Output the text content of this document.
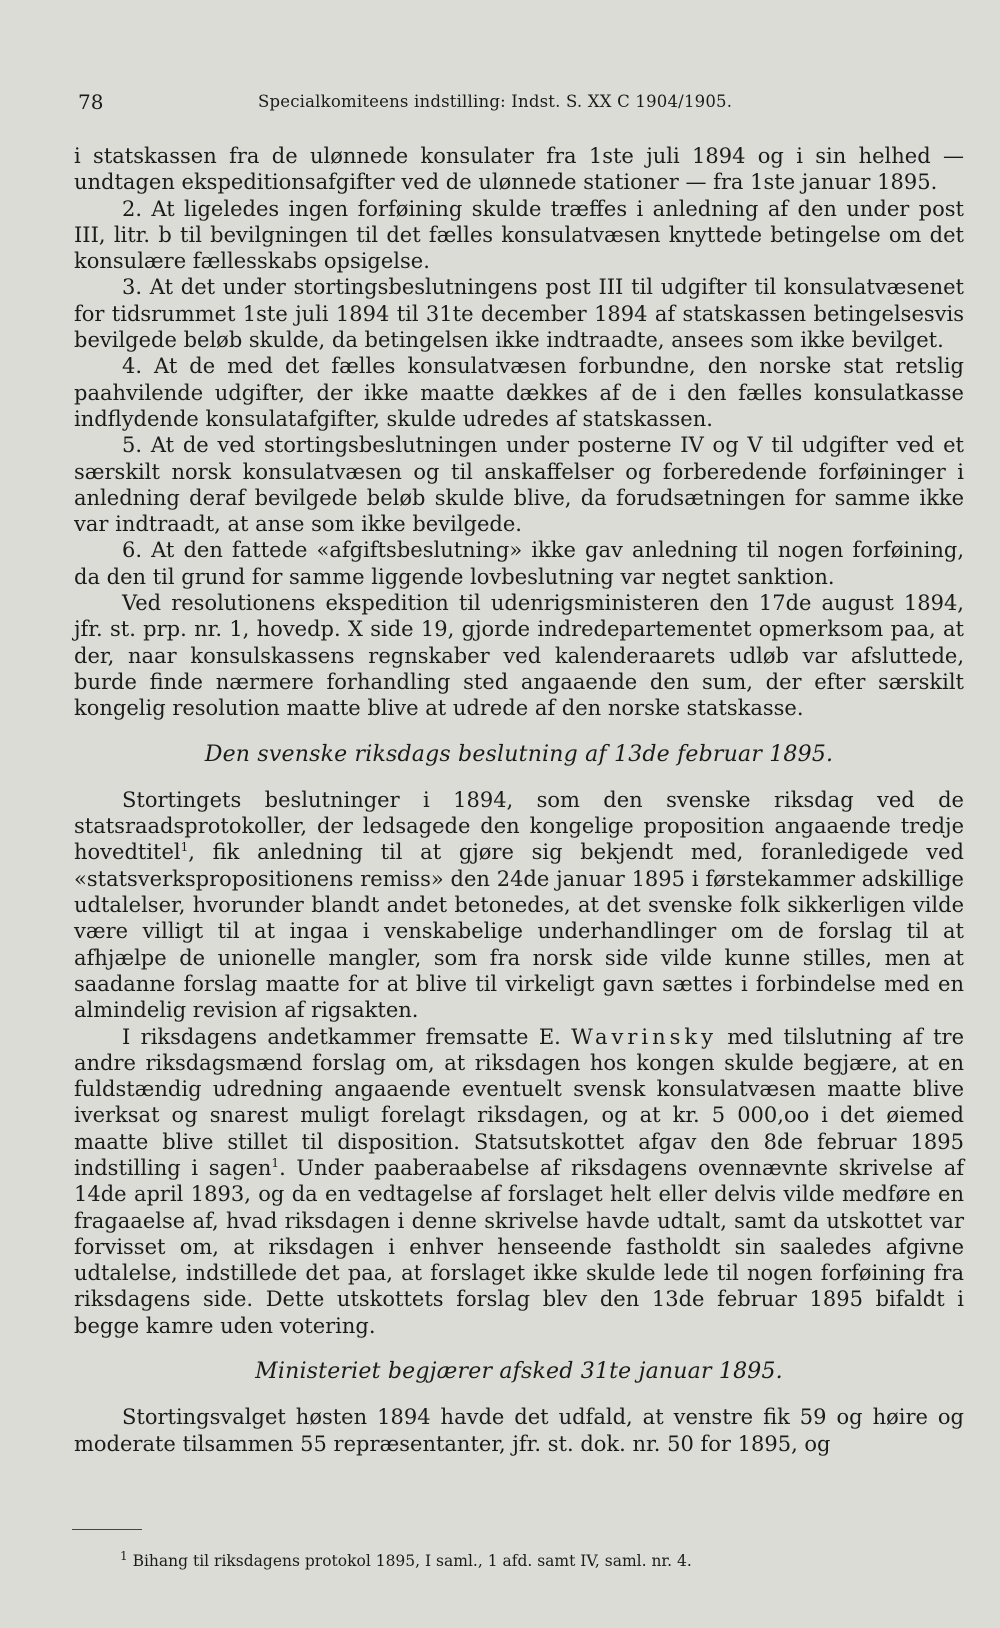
78	Specialkomiteens indstilling: Indst. S. XX C 1904/1905.

i statskassen fra de ulønnede konsulater fra 1ste juli 1894 og i sin helhed — undtagen ekspeditionsafgifter ved de ulønnede stationer — fra 1ste januar 1895.

2. At ligeledes ingen forføining skulde træffes i anledning af den under post III, litr. b til bevilgningen til det fælles konsulatvæsen knyttede betingelse om det konsulære fællesskabs opsigelse.

3. At det under stortingsbeslutningens post III til udgifter til konsulatvæsenet for tidsrummet 1ste juli 1894 til 31te december 1894 af statskassen betingelsesvis bevilgede beløb skulde, da betingelsen ikke indtraadte, ansees som ikke bevilget.

4. At de med det fælles konsulatvæsen forbundne, den norske stat retslig paahvilende udgifter, der ikke maatte dækkes af de i den fælles konsulatkasse indflydende konsulatafgifter, skulde udredes af statskassen.

5. At de ved stortingsbeslutningen under posterne IV og V til udgifter ved et særskilt norsk konsulatvæsen og til anskaffelser og forberedende forføininger i anledning deraf bevilgede beløb skulde blive, da forudsætningen for samme ikke var indtraadt, at anse som ikke bevilgede.

6. At den fattede «afgiftsbeslutning» ikke gav anledning til nogen forføining, da den til grund for samme liggende lovbeslutning var negtet sanktion.

Ved resolutionens ekspedition til udenrigsministeren den 17de august 1894, jfr. st. prp. nr. 1, hovedp. X side 19, gjorde indredepartementet opmerksom paa, at der, naar konsulskassens regnskaber ved kalenderaarets udløb var afsluttede, burde finde nærmere forhandling sted angaaende den sum, der efter særskilt kongelig resolution maatte blive at udrede af den norske statskasse.

Den svenske riksdags beslutning af 13de februar 1895.

Stortingets beslutninger i 1894, som den svenske riksdag ved de statsraadsprotokoller, der ledsagede den kongelige proposition angaaende tredje hovedtitel$^1$, fik anledning til at gjøre sig bekjendt med, foranledigede ved «statsverkspropositionens remiss» den 24de januar 1895 i førstekammer adskillige udtalelser, hvorunder blandt andet betonedes, at det svenske folk sikkerligen vilde være villigt til at ingaa i venskabelige underhandlinger om de forslag til at afhjælpe de unionelle mangler, som fra norsk side vilde kunne stilles, men at saadanne forslag maatte for at blive til virkeligt gavn sættes i forbindelse med en almindelig revision af rigsakten.

I riksdagens andetkammer fremsatte E. Wavrinsky med tilslutning af tre andre riksdagsmænd forslag om, at riksdagen hos kongen skulde begjære, at en fuldstændig udredning angaaende eventuelt svensk konsulatvæsen maatte blive iverksat og snarest muligt forelagt riksdagen, og at kr. 5 000,oo i det øiemed maatte blive stillet til disposition. Statsutskottet afgav den 8de februar 1895 indstilling i sagen$^1$. Under paaberaabelse af riksdagens ovennævnte skrivelse af 14de april 1893, og da en vedtagelse af forslaget helt eller delvis vilde medføre en fragaaelse af, hvad riksdagen i denne skrivelse havde udtalt, samt da utskottet var forvisset om, at riksdagen i enhver henseende fastholdt sin saaledes afgivne udtalelse, indstillede det paa, at forslaget ikke skulde lede til nogen forføining fra riksdagens side. Dette utskottets forslag blev den 13de februar 1895 bifaldt i begge kamre uden votering.

Ministeriet begjærer afsked 31te januar 1895.

Stortingsvalget høsten 1894 havde det udfald, at venstre fik 59 og høire og moderate tilsammen 55 repræsentanter, jfr. st. dok. nr. 50 for 1895, og

$^1$ Bihang til riksdagens protokol 1895, I saml., 1 afd. samt IV, saml. nr. 4.
